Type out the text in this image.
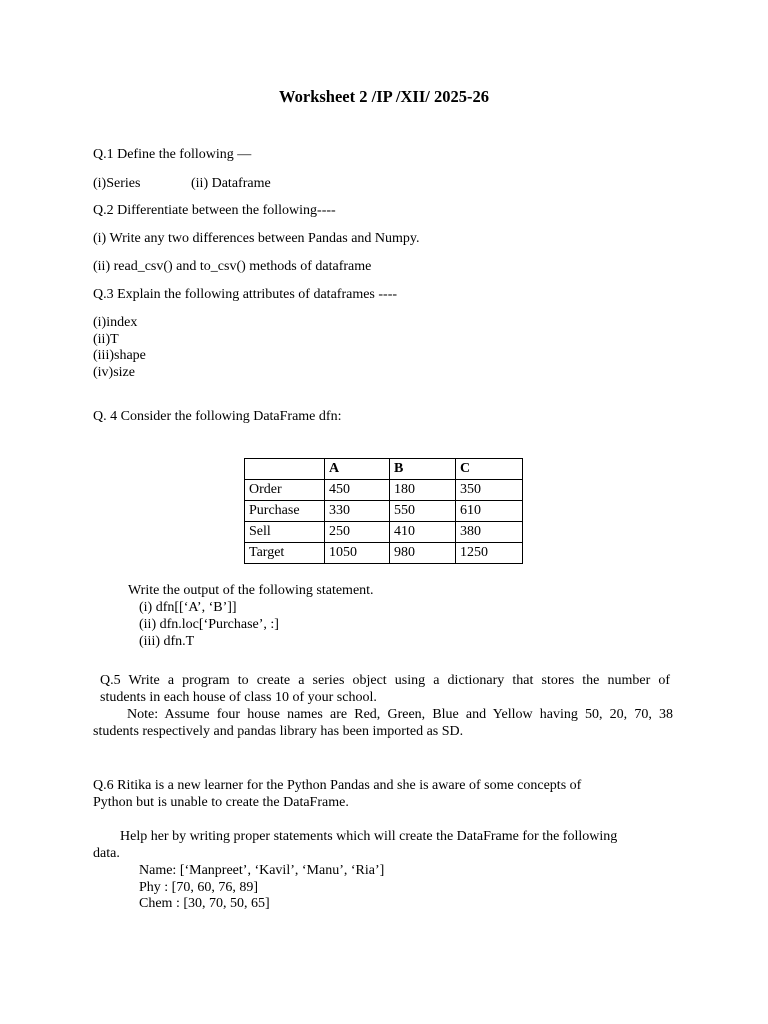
Worksheet 2 /IP /XII/ 2025-26
Q.1 Define the following —
(i)Series	(ii) Dataframe
Q.2 Differentiate between the following----
(i) Write any two differences between Pandas and Numpy.
(ii) read_csv() and to_csv() methods of dataframe
Q.3 Explain the following attributes of dataframes ----
(i)index
(ii)T
(iii)shape
(iv)size
Q. 4 Consider the following DataFrame dfn:
	A	B	C
Order	450	180	350
Purchase	330	550	610
Sell	250	410	380
Target	1050	980	1250
Write the output of the following statement.
(i) dfn[[‘A’, ‘B’]]
(ii) dfn.loc[‘Purchase’, :]
(iii) dfn.T
Q.5 Write a program to create a series object using a dictionary that stores the number of
students in each house of class 10 of your school.
Note: Assume four house names are Red, Green, Blue and Yellow having 50, 20, 70, 38
students respectively and pandas library has been imported as SD.
Q.6 Ritika is a new learner for the Python Pandas and she is aware of some concepts of
Python but is unable to create the DataFrame.
Help her by writing proper statements which will create the DataFrame for the following
data.
Name: [‘Manpreet’, ‘Kavil’, ‘Manu’, ‘Ria’]
Phy : [70, 60, 76, 89]
Chem : [30, 70, 50, 65]
